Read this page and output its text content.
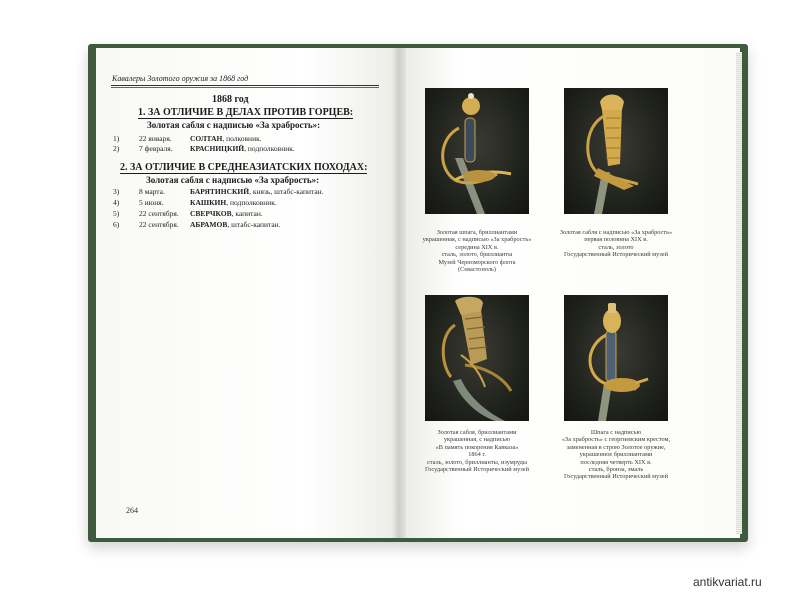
Кавалеры Золотого оружия за 1868 год
1868 год
1. ЗА ОТЛИЧИЕ В ДЕЛАХ ПРОТИВ ГОРЦЕВ:
Золотая сабля с надписью «За храбрость»:
1)	22 января. СОЛТАН, полковник.
2)	7 февраля. КРАСНИЦКИЙ, подполковник.
2. ЗА ОТЛИЧИЕ В СРЕДНЕАЗИАТСКИХ ПОХОДАХ:
Золотая сабля с надписью «За храбрость»:
3)	8 марта.	БАРЯТИНСКИЙ, князь, штабс-капитан.
4)	5 июня.	КАШКИН, подполковник.
5)	22 сентября. СВЕРЧКОВ, капитан.
6)	22 сентября. АБРАМОВ, штабс-капитан.
264
Золотая шпага, бриллиантами
украшенная, с надписью «За храбрость»
середина XIX в.
сталь, золото, бриллианты
Музей Черноморского флота
(Севастополь)
Золотая сабля с надписью «За храбрость»
первая половина XIX в.
сталь, золото
Государственный Исторический музей
Золотая сабля, бриллиантами
украшенная, с надписью
«В память покорения Кавказа»
1864 г.
сталь, золото, бриллианты, изумруды
Государственный Исторический музей
Шпага с надписью
«За храбрость» с георгиевским крестом,
замененная в строю Золотое оружие,
украшенное бриллиантами
последняя четверть XIX в.
сталь, бронза, эмаль
Государственный Исторический музей
antikvariat.ru
